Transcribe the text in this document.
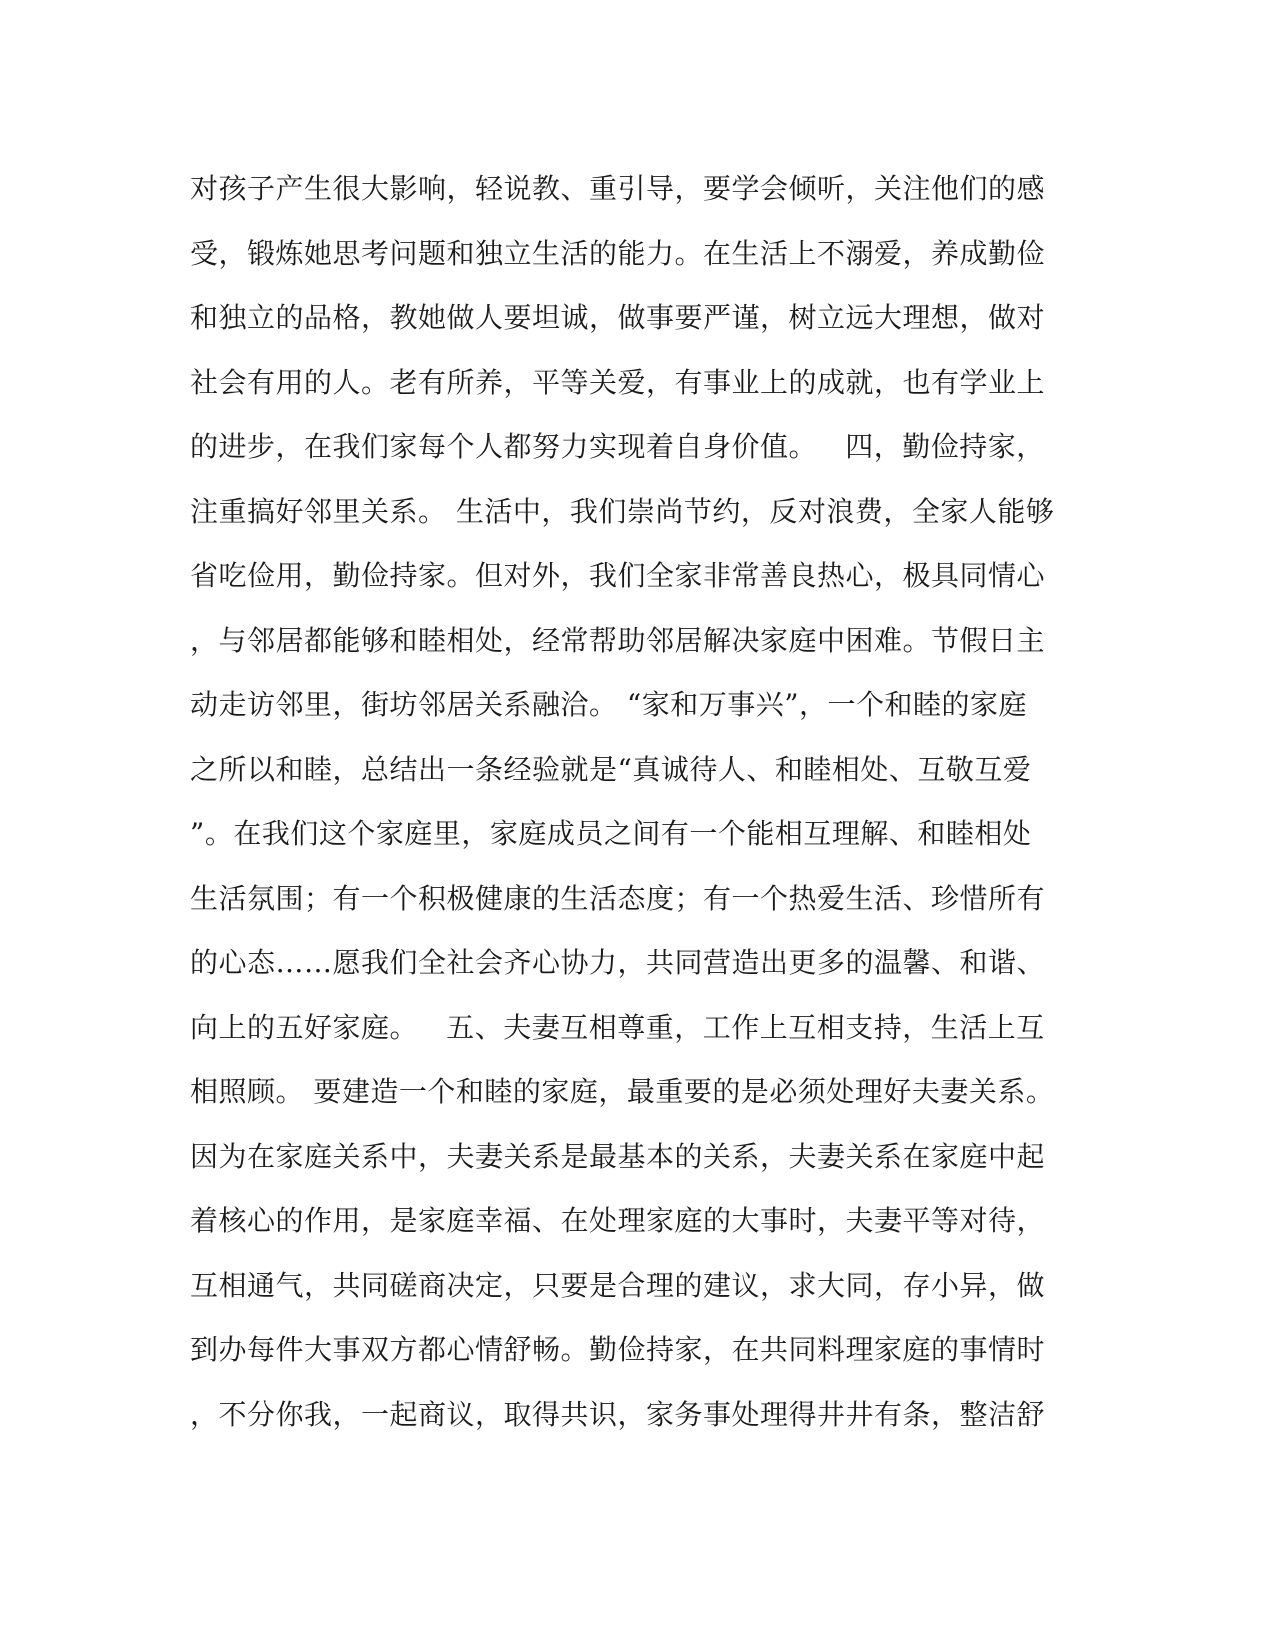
对孩子产生很大影响，轻说教、重引导，要学会倾听，关注他们的感
受，锻炼她思考问题和独立生活的能力。在生活上不溺爱，养成勤俭
和独立的品格，教她做人要坦诚，做事要严谨，树立远大理想，做对
社会有用的人。老有所养，平等关爱，有事业上的成就，也有学业上
的进步，在我们家每个人都努力实现着自身价值。   四，勤俭持家，
注重搞好邻里关系。 生活中，我们崇尚节约，反对浪费，全家人能够
省吃俭用，勤俭持家。但对外，我们全家非常善良热心，极具同情心
，与邻居都能够和睦相处，经常帮助邻居解决家庭中困难。节假日主
动走访邻里，街坊邻居关系融洽。 “家和万事兴”，一个和睦的家庭
之所以和睦，总结出一条经验就是“真诚待人、和睦相处、互敬互爱
”。在我们这个家庭里，家庭成员之间有一个能相互理解、和睦相处
生活氛围；有一个积极健康的生活态度；有一个热爱生活、珍惜所有
的心态……愿我们全社会齐心协力，共同营造出更多的温馨、和谐、
向上的五好家庭。   五、夫妻互相尊重，工作上互相支持，生活上互
相照顾。 要建造一个和睦的家庭，最重要的是必须处理好夫妻关系。
因为在家庭关系中，夫妻关系是最基本的关系，夫妻关系在家庭中起
着核心的作用，是家庭幸福、在处理家庭的大事时，夫妻平等对待，
互相通气，共同磋商决定，只要是合理的建议，求大同，存小异，做
到办每件大事双方都心情舒畅。勤俭持家，在共同料理家庭的事情时
，不分你我，一起商议，取得共识，家务事处理得井井有条，整洁舒
